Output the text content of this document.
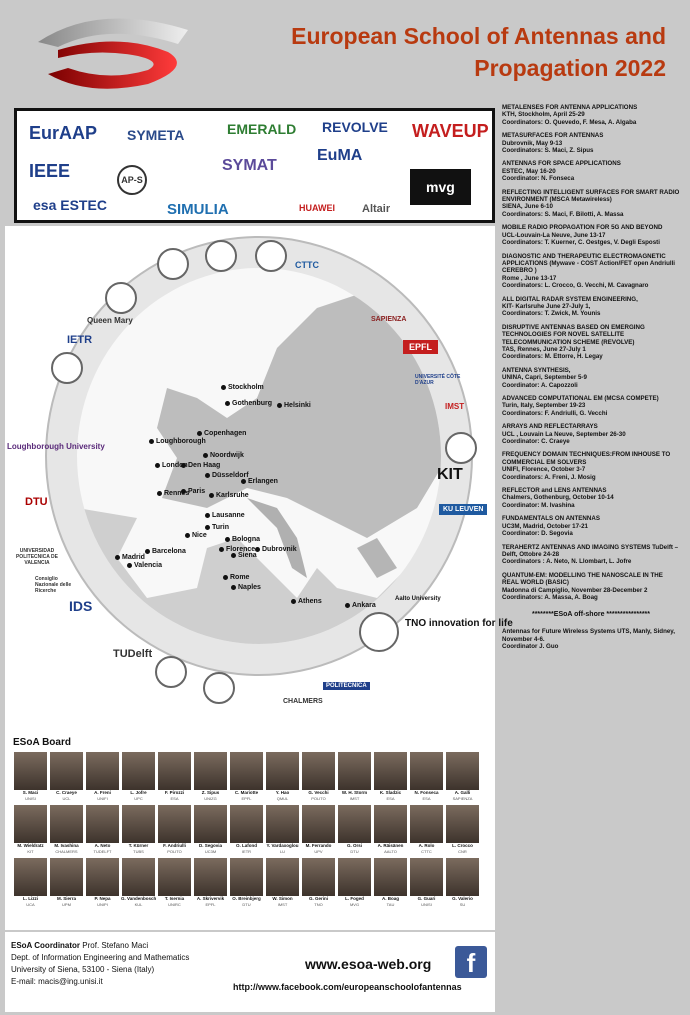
European School of Antennas and
Propagation 2022
EurAAP SYMETA	EMERALD REVOLVE WAVEUP
IEEE	AP-S
SYMAT
EuMA
esa ESTEC	SIMULIA	HUAWEI Altair
mvg
Queen Mary
IETR
Loughborough University
DTU
UNIVERSIDAD POLITECNICA DE VALENCIA
Consiglio Nazionale delle Ricerche
IDS
TUDelft
CHALMERS
POLITECNICA
TNO innovation for life
Aalto University
KU LEUVEN
KIT
UNIVERSITÉ CÔTE D'AZUR
EPFL
SAPIENZA
CTTC
IMST
Stockholm
Gothenburg	Helsinki
Copenhagen
Loughborough
Noordwijk
London Den Haag
Düsseldorf
Rennes
Paris
Karlsruhe
Erlangen
Lausanne
Turin
Nice
Bologna
Florence
Siena
Dubrovnik
Barcelona
Madrid
Valencia
Rome
Naples
Athens
Ankara
ESoA Board
S. Maci
UNISI
C. Craeye
UCL
A. Freni
UNIFI
L. Jofre
UPC
F. Pirozzi
ESA
Z. Sipus
UNIZG
C. Mariotte
EPFL
Y. Hao
QMUL
G. Vecchi
POLITO
W. H. Storm
IMST
K. Sladzic
ESA
N. Fonseca
ESA
A. Galli
SAPIENZA
M. Wieldratz
KIT
M. Ivashina
CHALMERS
A. Neto
TUDELFT
T. Kürner
TUBS
F. Andriulli
POLITO
D. Segovia
UC3M
O. Lafond
IETR
Y. Vardaxoglou
LU
M. Ferrando
UPV
G. Orsi
DTU
A. Räisänen
AALTO
A. Rolo
CTTC
L. Crocco
CNR
L. Lizzi
UCA
M. Sierra
UPM
P. Nepa
UNIPI
G. Vandenbosch
KUL
T. Isernia
UNIRC
A. Skrivervik
EPFL
O. Breinbjerg
DTU
W. Simon
IMST
G. Gerini
TNO
L. Foged
MVG
A. Boag
TAU
G. Guari
UNISI
G. Valerio
SU
ESoA Coordinator Prof. Stefano Maci
Dept. of Information Engineering and Mathematics
University of Siena, 53100 - Siena (Italy)
E-mail: macis@ing.unisi.it
www.esoa-web.org	f
http://www.facebook.com/europeanschoolofantennas
METALENSES FOR ANTENNA APPLICATIONS
KTH, Stockholm, April 25-29
Coordinators: O. Quevedo, F. Mesa, A. Algaba
METASURFACES FOR ANTENNAS
Dubrovnik, May 9-13
Coordinators: S. Maci, Z. Sipus
ANTENNAS FOR SPACE APPLICATIONS
ESTEC, May 16-20
Coordinator: N. Fonseca
REFLECTING INTELLIGENT SURFACES FOR SMART RADIO ENVIRONMENT (MSCA Metawireless)
SIENA, June 6-10
Coordinators: S. Maci, F. Bilotti, A. Massa
MOBILE RADIO PROPAGATION FOR 5G AND BEYOND
UCL-Louvain-La Neuve, June 13-17
Coordinators: T. Kuerner, C. Oestges, V. Degli Esposti
DIAGNOSTIC AND THERAPEUTIC ELECTROMAGNETIC APPLICATIONS (Mywave - COST Action/FET open Andriulli CEREBRO )
Rome , June 13-17
Coordinators: L. Crocco, G. Vecchi, M. Cavagnaro
ALL DIGITAL RADAR SYSTEM ENGINEERING,
KIT- Karlsruhe June 27-July 1,
Coordinators: T. Zwick, M. Younis
DISRUPTIVE ANTENNAS BASED ON EMERGING TECHNOLOGIES FOR NOVEL SATELLITE TELECOMMUNICATION SCHEME (REVOLVE)
TAS, Rennes, June 27-July 1
Coordinators: M. Ettorre, H. Legay
ANTENNA SYNTHESIS,
UNINA, Capri, September 5-9
Coordinator: A. Capozzoli
ADVANCED COMPUTATIONAL EM (MCSA COMPETE)
Turin, Italy, September 19-23
Coordinators: F. Andriulli, G. Vecchi
ARRAYS AND REFLECTARRAYS
UCL , Louvain La Neuve, September 26-30
Coordinator: C. Craeye
FREQUENCY DOMAIN TECHNIQUES:FROM INHOUSE TO COMMERCIAL EM SOLVERS
UNIFI, Florence, October 3-7
Coordinators: A. Freni, J. Mosig
REFLECTOR and LENS ANTENNAS
Chalmers, Gothenburg, October 10-14
Coordinator: M. Ivashina
FUNDAMENTALS ON ANTENNAS
UC3M, Madrid, October 17-21
Coordinator: D. Segovia
TERAHERTZ ANTENNAS AND IMAGING SYSTEMS TuDelft – Delft, Ottobre 24-28
Coordinators : A. Neto, N. Llombart, L. Jofre
QUANTUM-EM: MODELLING THE NANOSCALE IN THE REAL WORLD (BASIC)
Madonna di Campiglio, November 28-December 2
Coordinators: A. Massa, A. Boag
********ESoA off-shore ****************
Antennas for Future Wireless Systems UTS, Manly, Sidney, November 4-6.
Coordinator J. Guo
